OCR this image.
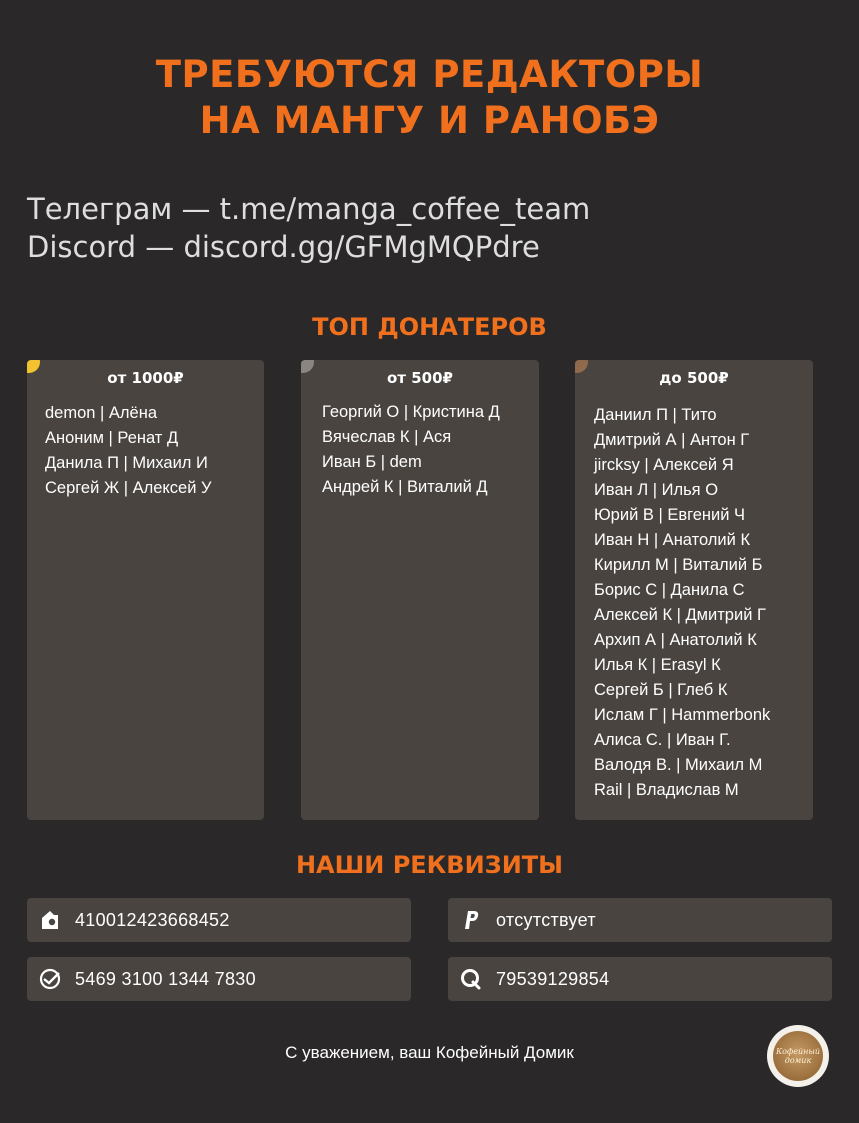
ТРЕБУЮТСЯ РЕДАКТОРЫ
НА МАНГУ И РАНОБЭ
Телеграм — t.me/manga_coffee_team
Discord — discord.gg/GFMgMQPdre
ТОП ДОНАТЕРОВ
от 1000₽
demon | Алёна
Аноним | Ренат Д
Данила П | Михаил И
Сергей Ж | Алексей У
от 500₽
Георгий О | Кристина Д
Вячеслав К | Ася
Иван Б | dem
Андрей К | Виталий Д
до 500₽
Даниил П | Тито
Дмитрий А | Антон Г
jircksy | Алексей Я
Иван Л | Илья О
Юрий В | Евгений Ч
Иван Н | Анатолий К
Кирилл М | Виталий Б
Борис С | Данила С
Алексей К | Дмитрий Г
Архип А | Анатолий К
Илья К | Erasyl К
Сергей Б | Глеб К
Ислам Г | Hammerbonk
Алиса С. | Иван Г.
Валодя В. | Михаил М
Rail | Владислав М
НАШИ РЕКВИЗИТЫ
410012423668452	отсутствует
5469 3100 1344 7830	79539129854
С уважением, ваш Кофейный Домик	Кофейный домик
